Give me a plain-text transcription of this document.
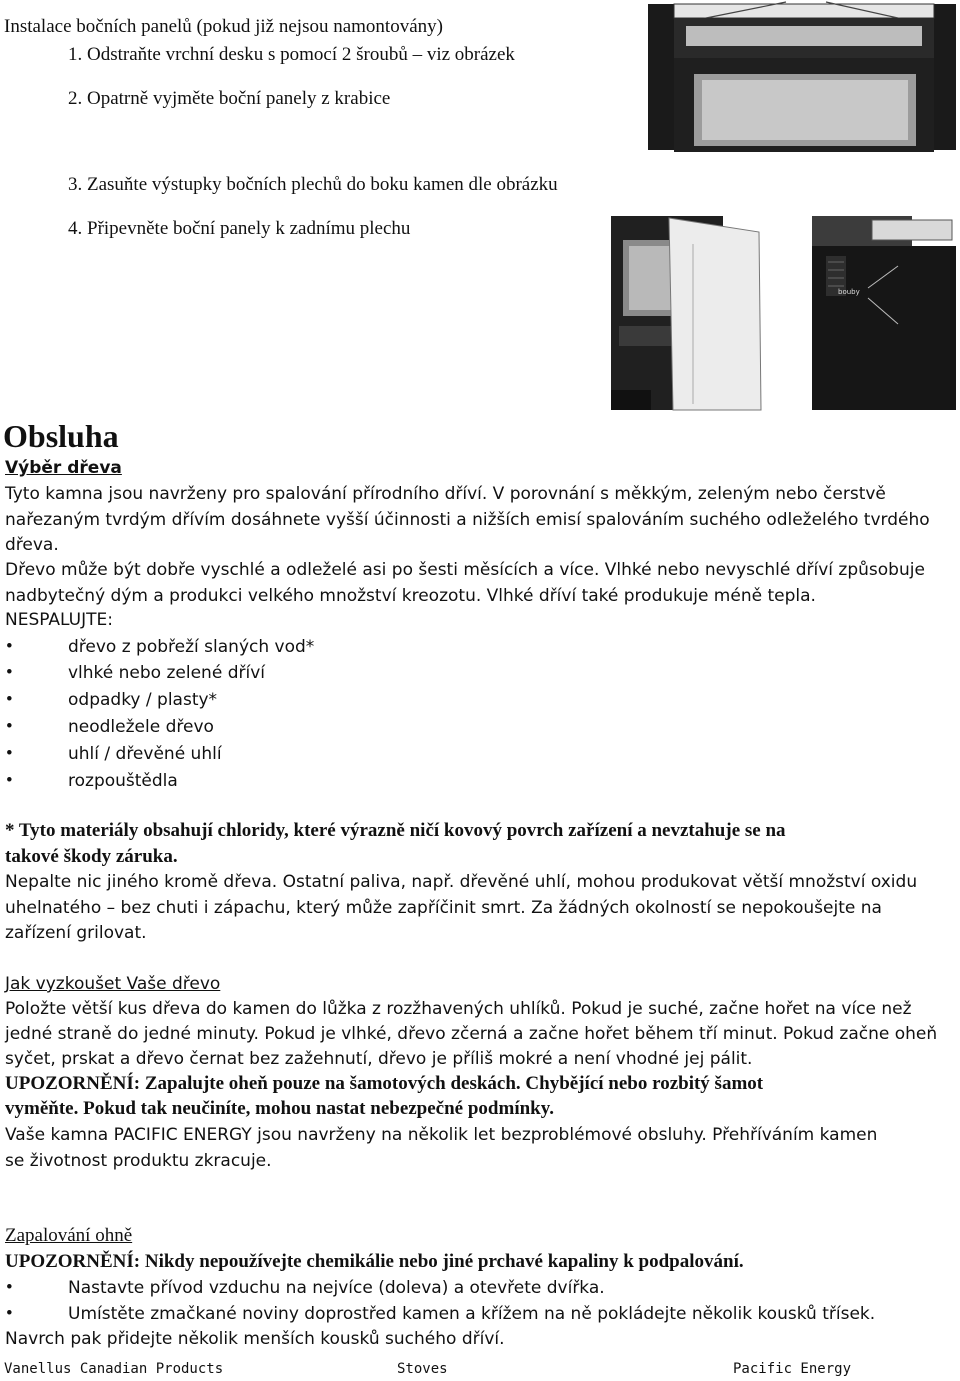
Instalace bočních panelů (pokud již nejsou namontovány)
1. Odstraňte vrchní desku s pomocí 2 šroubů – viz obrázek
2. Opatrně vyjměte boční panely z krabice
3. Zasuňte výstupky bočních plechů do boku kamen dle obrázku
4. Připevněte boční panely k zadnímu plechu
bouby
Obsluha
Výběr dřeva
Tyto kamna jsou navrženy pro spalování přírodního dříví. V porovnání s měkkým, zeleným nebo čerstvě
nařezaným tvrdým dřívím dosáhnete vyšší účinnosti a nižších emisí spalováním suchého odleželého tvrdého
dřeva.
Dřevo může být dobře vyschlé a odleželé asi po šesti měsících a více. Vlhké nebo nevyschlé dříví způsobuje
nadbytečný dým a produkci velkého množství kreozotu. Vlhké dříví také produkuje méně tepla.
NESPALUJTE:
•	dřevo z pobřeží slaných vod*
•	vlhké nebo zelené dříví
•	odpadky / plasty*
•	neodležele dřevo
•	uhlí / dřevěné uhlí
•	rozpouštědla
* Tyto materiály obsahují chloridy, které výrazně ničí kovový povrch zařízení a nevztahuje se na
takové škody záruka.
Nepalte nic jiného kromě dřeva. Ostatní paliva, např. dřevěné uhlí, mohou produkovat větší množství oxidu
uhelnatého – bez chuti i zápachu, který může zapříčinit smrt. Za žádných okolností se nepokoušejte na
zařízení grilovat.
Jak vyzkoušet Vaše dřevo
Položte větší kus dřeva do kamen do lůžka z rozžhavených uhlíků. Pokud je suché, začne hořet na více než
jedné straně do jedné minuty. Pokud je vlhké, dřevo zčerná a začne hořet během tří minut. Pokud začne oheň
syčet, prskat a dřevo černat bez zažehnutí, dřevo je příliš mokré a není vhodné jej pálit.
UPOZORNĚNÍ: Zapalujte oheň pouze na šamotových deskách. Chybějící nebo rozbitý šamot
vyměňte. Pokud tak neučiníte, mohou nastat nebezpečné podmínky.
Vaše kamna PACIFIC ENERGY jsou navrženy na několik let bezproblémové obsluhy. Přehříváním kamen
se životnost produktu zkracuje.
Zapalování ohně
UPOZORNĚNÍ: Nikdy nepoužívejte chemikálie nebo jiné prchavé kapaliny k podpalování.
•	Nastavte přívod vzduchu na nejvíce (doleva) a otevřete dvířka.
•	Umístěte zmačkané noviny doprostřed kamen a křížem na ně pokládejte několik kousků třísek.
Navrch pak přidejte několik menších kousků suchého dříví.
Vanellus Canadian Products	Stoves	Pacific Energy
